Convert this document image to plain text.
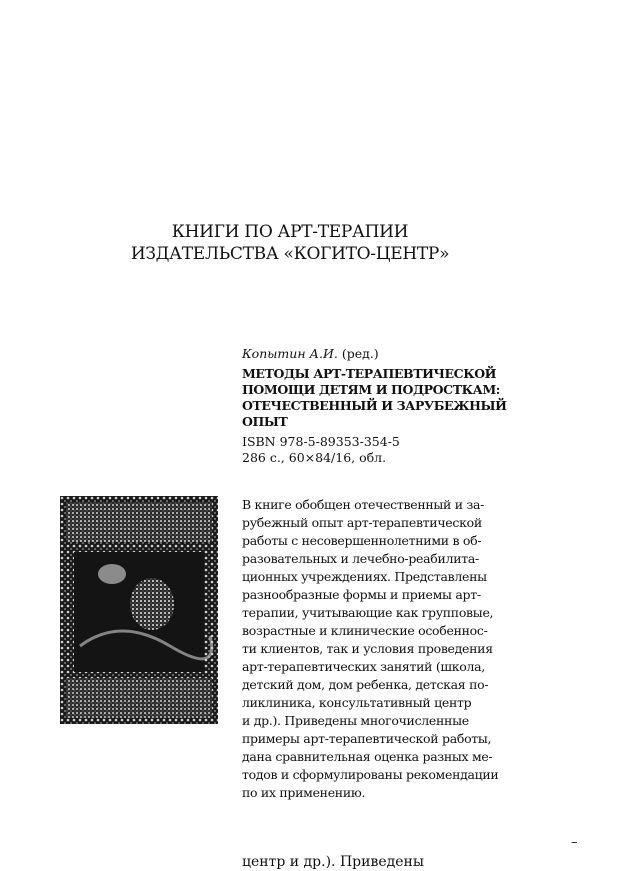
КНИГИ ПО АРТ-ТЕРАПИИ
ИЗДАТЕЛЬСТВА «КОГИТО-ЦЕНТР»
Копытин А.И. (ред.)
МЕТОДЫ АРТ-ТЕРАПЕВТИЧЕСКОЙ
ПОМОЩИ ДЕТЯМ И ПОДРОСТКАМ:
ОТЕЧЕСТВЕННЫЙ И ЗАРУБЕЖНЫЙ
ОПЫТ
ISBN 978-5-89353-354-5
286 с., 60×84/16, обл.
В книге обобщен отечественный и за-
рубежный опыт арт-терапевтической
работы с несовершеннолетними в об-
разовательных и лечебно-реабилита-
ционных учреждениях. Представлены
разнообразные формы и приемы арт-
терапии, учитывающие как групповые,
возрастные и клинические особеннос-
ти клиентов, так и условия проведения
арт-терапевтических занятий (школа,
детский дом, дом ребенка, детская по-
ликлиника, консультативный центр
и др.). Приведены многочисленные
примеры арт-терапевтической работы,
дана сравнительная оценка разных ме-
тодов и сформулированы рекомендации
по их применению.
–
центр и др.). Приведены
